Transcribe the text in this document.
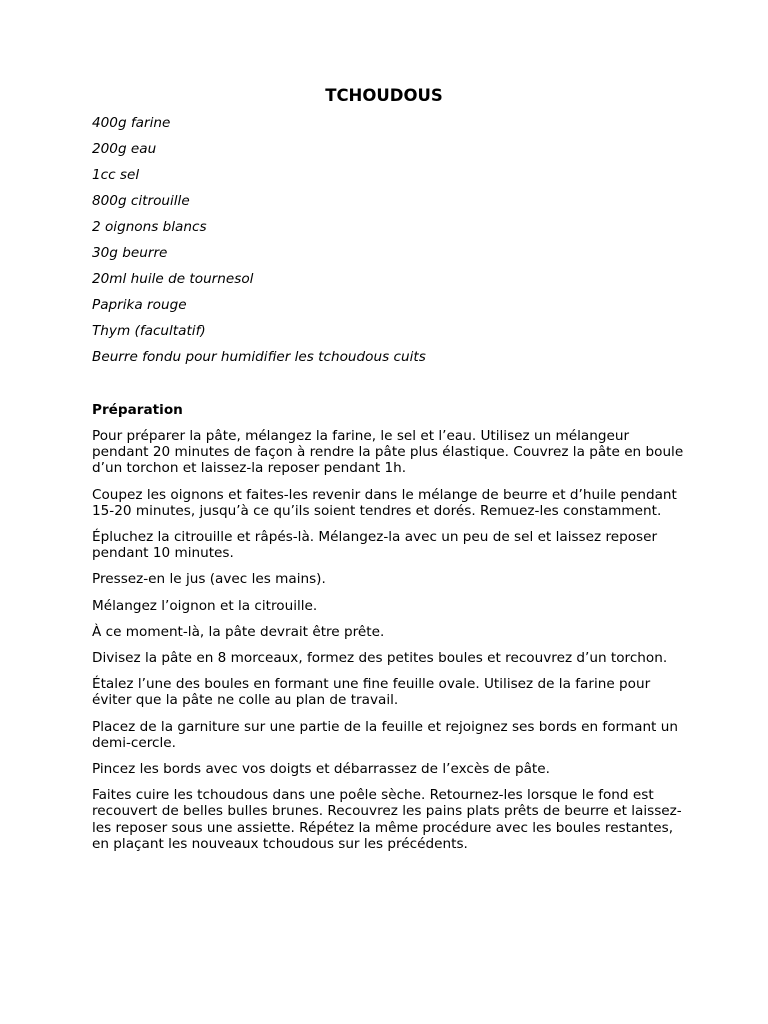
TCHOUDOUS
400g farine
200g eau
1cc sel
800g citrouille
2 oignons blancs
30g beurre
20ml huile de tournesol
Paprika rouge
Thym (facultatif)
Beurre fondu pour humidifier les tchoudous cuits
Préparation

Pour préparer la pâte, mélangez la farine, le sel et l’eau. Utilisez un mélangeur pendant 20 minutes de façon à rendre la pâte plus élastique. Couvrez la pâte en boule d’un torchon et laissez-la reposer pendant 1h.

Coupez les oignons et faites-les revenir dans le mélange de beurre et d’huile pendant 15-20 minutes, jusqu’à ce qu’ils soient tendres et dorés. Remuez-les constamment.

Épluchez la citrouille et râpés-là. Mélangez-la avec un peu de sel et laissez reposer pendant 10 minutes.

Pressez-en le jus (avec les mains).

Mélangez l’oignon et la citrouille.

À ce moment-là, la pâte devrait être prête.

Divisez la pâte en 8 morceaux, formez des petites boules et recouvrez d’un torchon.

Étalez l’une des boules en formant une fine feuille ovale. Utilisez de la farine pour éviter que la pâte ne colle au plan de travail.

Placez de la garniture sur une partie de la feuille et rejoignez ses bords en formant un demi-cercle.

Pincez les bords avec vos doigts et débarrassez de l’excès de pâte.

Faites cuire les tchoudous dans une poêle sèche. Retournez-les lorsque le fond est recouvert de belles bulles brunes. Recouvrez les pains plats prêts de beurre et laissez-les reposer sous une assiette. Répétez la même procédure avec les boules restantes, en plaçant les nouveaux tchoudous sur les précédents.
